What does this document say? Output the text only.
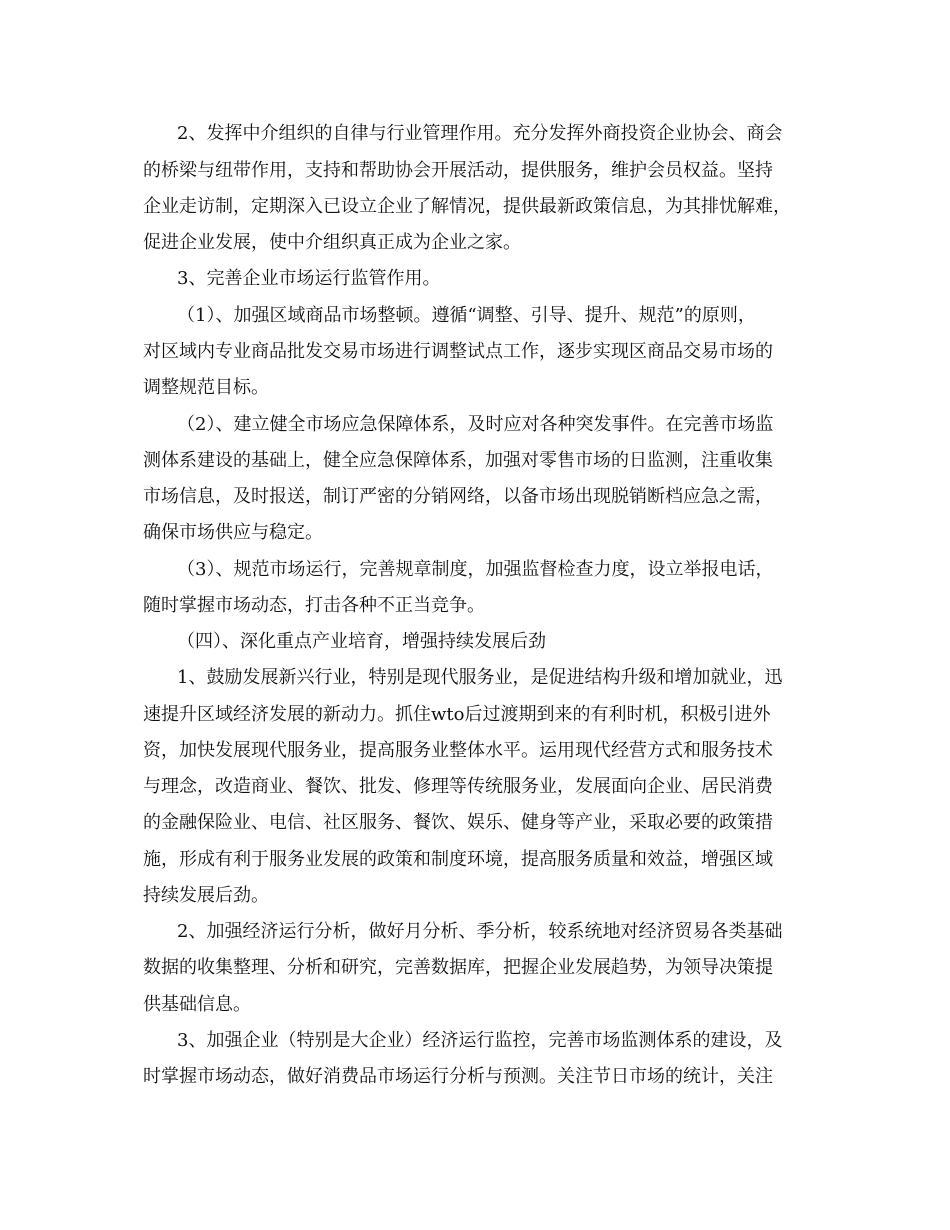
2、发挥中介组织的自律与行业管理作用。充分发挥外商投资企业协会、商会
的桥梁与纽带作用，支持和帮助协会开展活动，提供服务，维护会员权益。坚持
企业走访制，定期深入已设立企业了解情况，提供最新政策信息，为其排忧解难，
促进企业发展，使中介组织真正成为企业之家。
3、完善企业市场运行监管作用。
（1）、加强区域商品市场整顿。遵循“调整、引导、提升、规范”的原则，
对区域内专业商品批发交易市场进行调整试点工作，逐步实现区商品交易市场的
调整规范目标。
（2）、建立健全市场应急保障体系，及时应对各种突发事件。在完善市场监
测体系建设的基础上，健全应急保障体系，加强对零售市场的日监测，注重收集
市场信息，及时报送，制订严密的分销网络，以备市场出现脱销断档应急之需，
确保市场供应与稳定。
（3）、规范市场运行，完善规章制度，加强监督检查力度，设立举报电话，
随时掌握市场动态，打击各种不正当竞争。
（四）、深化重点产业培育，增强持续发展后劲
1、鼓励发展新兴行业，特别是现代服务业，是促进结构升级和增加就业，迅
速提升区域经济发展的新动力。抓住wto后过渡期到来的有利时机，积极引进外
资，加快发展现代服务业，提高服务业整体水平。运用现代经营方式和服务技术
与理念，改造商业、餐饮、批发、修理等传统服务业，发展面向企业、居民消费
的金融保险业、电信、社区服务、餐饮、娱乐、健身等产业，采取必要的政策措
施，形成有利于服务业发展的政策和制度环境，提高服务质量和效益，增强区域
持续发展后劲。
2、加强经济运行分析，做好月分析、季分析，较系统地对经济贸易各类基础
数据的收集整理、分析和研究，完善数据库，把握企业发展趋势，为领导决策提
供基础信息。
3、加强企业（特别是大企业）经济运行监控，完善市场监测体系的建设，及
时掌握市场动态，做好消费品市场运行分析与预测。关注节日市场的统计，关注
